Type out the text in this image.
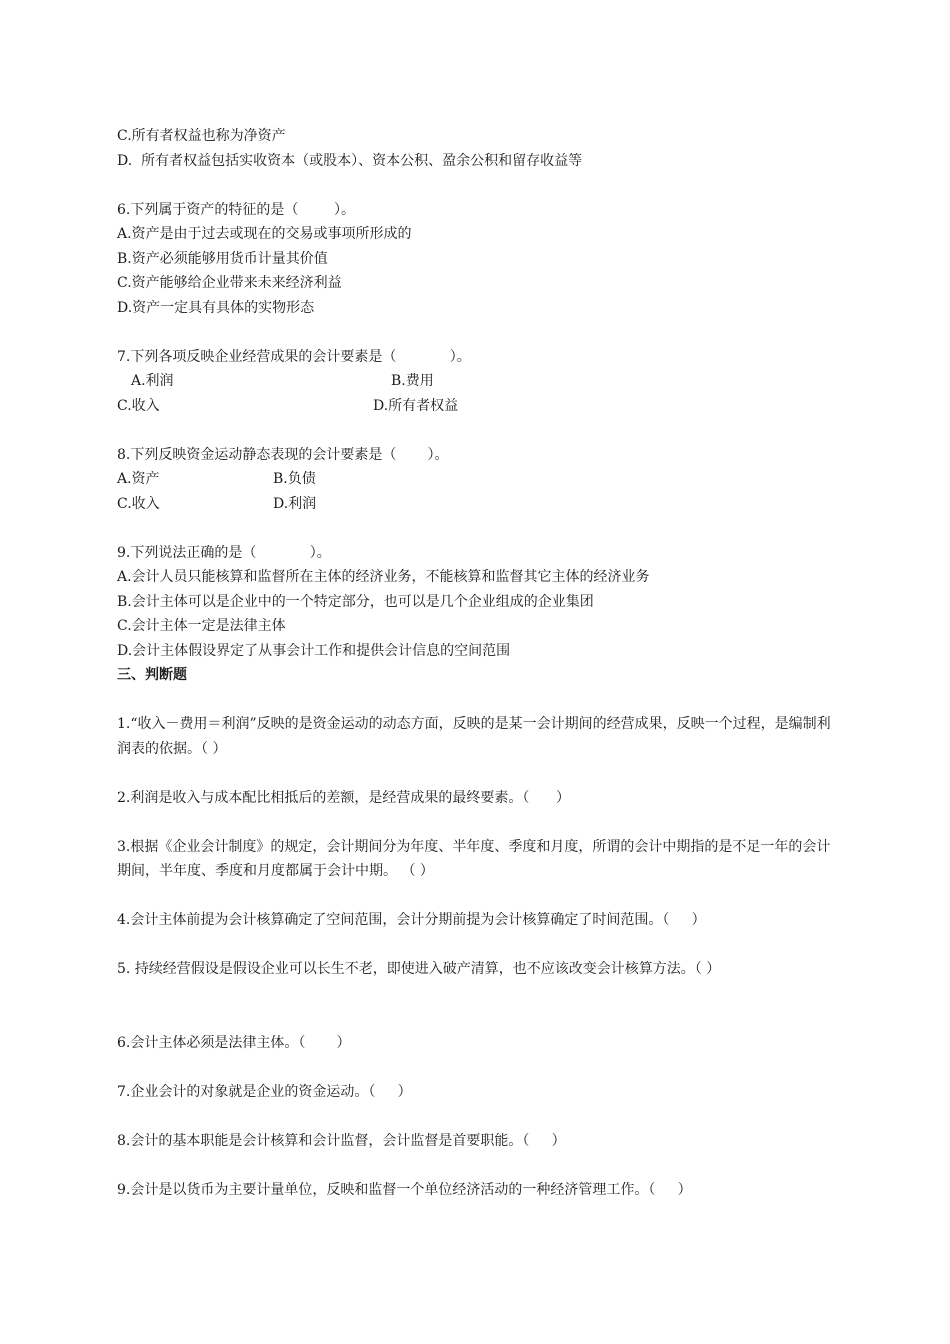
C.所有者权益也称为净资产
D.  所有者权益包括实收资本（或股本）、资本公积、盈余公积和留存收益等
6.下列属于资产的特征的是（        ）。
A.资产是由于过去或现在的交易或事项所形成的
B.资产必须能够用货币计量其价值
C.资产能够给企业带来未来经济利益
D.资产一定具有具体的实物形态
7.下列各项反映企业经营成果的会计要素是（            ）。
A.利润	B.费用
C.收入	D.所有者权益
8.下列反映资金运动静态表现的会计要素是（       ）。
A.资产	B.负债
C.收入	D.利润
9.下列说法正确的是（            ）。
A.会计人员只能核算和监督所在主体的经济业务，不能核算和监督其它主体的经济业务
B.会计主体可以是企业中的一个特定部分，也可以是几个企业组成的企业集团
C.会计主体一定是法律主体
D.会计主体假设界定了从事会计工作和提供会计信息的空间范围
三、判断题
1.“收入－费用＝利润”反映的是资金运动的动态方面，反映的是某一会计期间的经营成果，反映一个过程，是编制利润表的依据。（ ）
2.利润是收入与成本配比相抵后的差额，是经营成果的最终要素。（      ）
3.根据《企业会计制度》的规定，会计期间分为年度、半年度、季度和月度，所谓的会计中期指的是不足一年的会计期间，半年度、季度和月度都属于会计中期。 （ ）
4.会计主体前提为会计核算确定了空间范围，会计分期前提为会计核算确定了时间范围。（     ）
5. 持续经营假设是假设企业可以长生不老，即使进入破产清算，也不应该改变会计核算方法。（ ）
6.会计主体必须是法律主体。（       ）
7.企业会计的对象就是企业的资金运动。（     ）
8.会计的基本职能是会计核算和会计监督，会计监督是首要职能。（     ）
9.会计是以货币为主要计量单位，反映和监督一个单位经济活动的一种经济管理工作。（     ）
